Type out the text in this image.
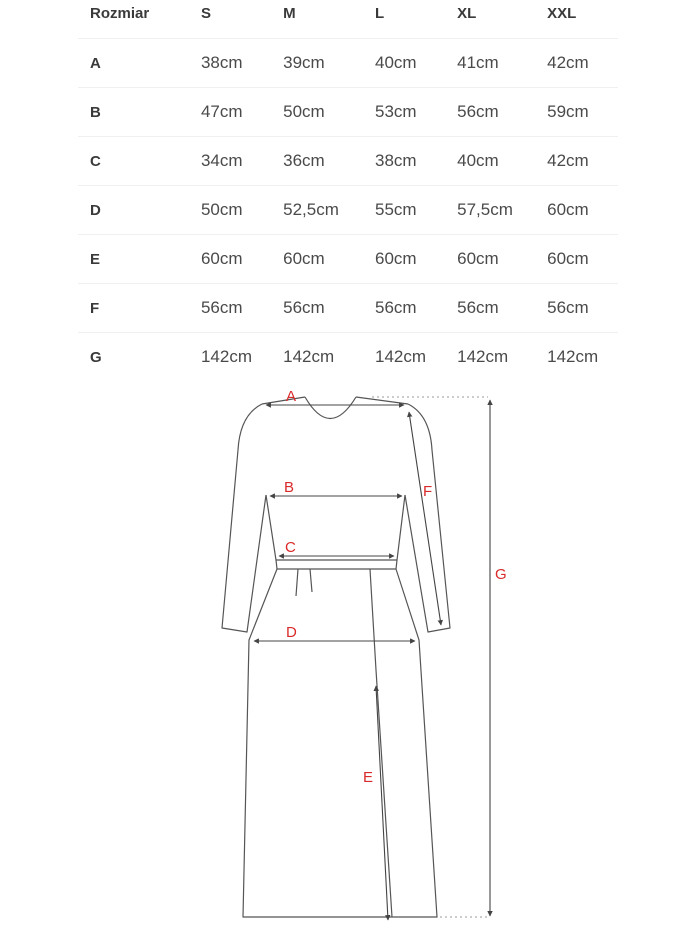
Rozmiar	S	M	L	XL	XXL
A	38cm	39cm	40cm	41cm	42cm
B	47cm	50cm	53cm	56cm	59cm
C	34cm	36cm	38cm	40cm	42cm
D	50cm	52,5cm	55cm	57,5cm	60cm
E	60cm	60cm	60cm	60cm	60cm
F	56cm	56cm	56cm	56cm	56cm
G	142cm	142cm	142cm	142cm	142cm
A
B
C
D
E
F
G
